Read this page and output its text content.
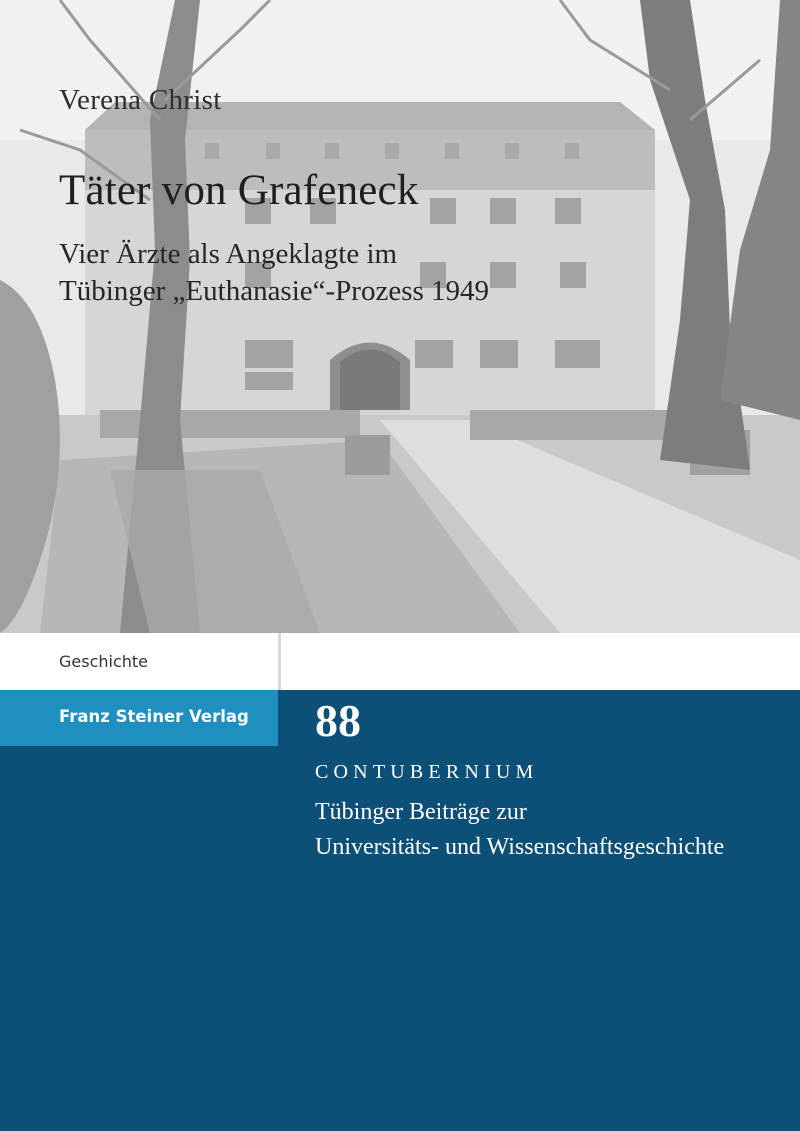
Verena Christ

Täter von Grafeneck

Vier Ärzte als Angeklagte im
Tübinger „Euthanasie“-Prozess 1949

Geschichte
Franz Steiner Verlag 88
CONTUBERNIUM
Tübinger Beiträge zur
Universitäts- und Wissenschaftsgeschichte
